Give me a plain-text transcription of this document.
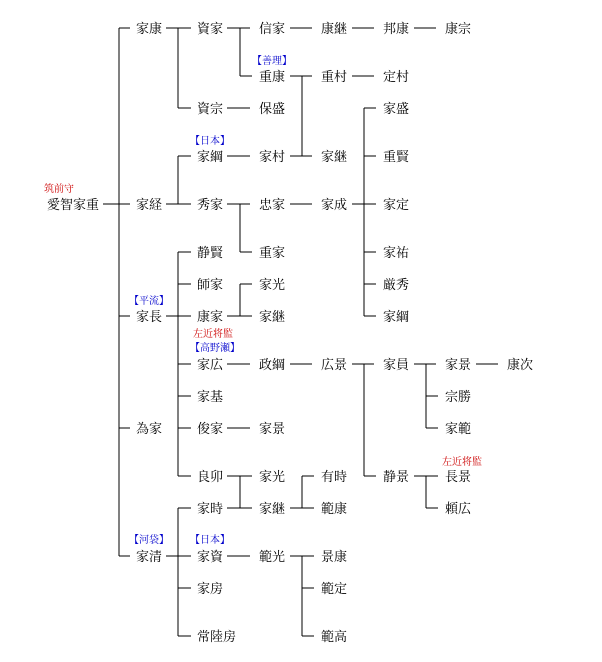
筑前守
【善理】
【日本】
【平流】
左近将監
【高野瀬】
左近将監
【河袋】 【日本】
愛智家重
家康
家経
家長
為家
家清
資家
資宗
家綱
秀家
静賢
師家
康家
家広
家基
俊家
良卯
家時
家資
家房
常陸房
信家
重康
保盛
家村
忠家
重家
家光
家継
政綱
家景
家光
家継
範光
康継
重村
家継
家成
広景
有時
範康
景康
範定
範高
邦康
定村
家盛
重賢
家定
家祐
厳秀
家綱
家員
静景
康宗
家景
宗勝
家範
長景
頼広
康次
